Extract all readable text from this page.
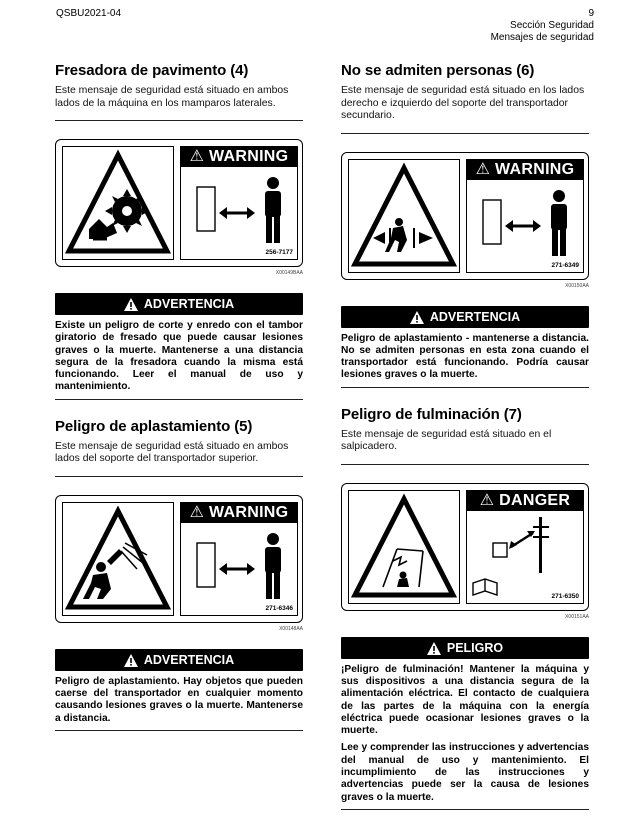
QSBU2021-04	9
Sección Seguridad
Mensajes de seguridad
Fresadora de pavimento (4)

Este mensaje de seguridad está situado en ambos lados de la máquina en los mamparos laterales.

⚠ WARNING
256-7177
X00149BAA
ADVERTENCIA

Existe un peligro de corte y enredo con el tambor giratorio de fresado que puede causar lesiones graves o la muerte. Mantenerse a una distancia segura de la fresadora cuando la misma está funcionando. Leer el manual de uso y mantenimiento.

Peligro de aplastamiento (5)

Este mensaje de seguridad está situado en ambos lados del soporte del transportador superior.

⚠ WARNING
271-6346
X00148AA
ADVERTENCIA

Peligro de aplastamiento. Hay objetos que pueden caerse del transportador en cualquier momento causando lesiones graves o la muerte. Mantenerse a distancia.

No se admiten personas (6)

Este mensaje de seguridad está situado en los lados derecho e izquierdo del soporte del transportador secundario.

⚠ WARNING
271-6349
X00150AA
ADVERTENCIA

Peligro de aplastamiento - mantenerse a distancia. No se admiten personas en esta zona cuando el transportador está funcionando. Podría causar lesiones graves o la muerte.

Peligro de fulminación (7)

Este mensaje de seguridad está situado en el salpicadero.

⚠ DANGER
271-6350
X00151AA
PELIGRO

¡Peligro de fulminación! Mantener la máquina y sus dispositivos a una distancia segura de la alimentación eléctrica. El contacto de cualquiera de las partes de la máquina con la energía eléctrica puede ocasionar lesiones graves o la muerte.

Lee y comprender las instrucciones y advertencias del manual de uso y mantenimiento. El incumplimiento de las instrucciones y advertencias puede ser la causa de lesiones graves o la muerte.
